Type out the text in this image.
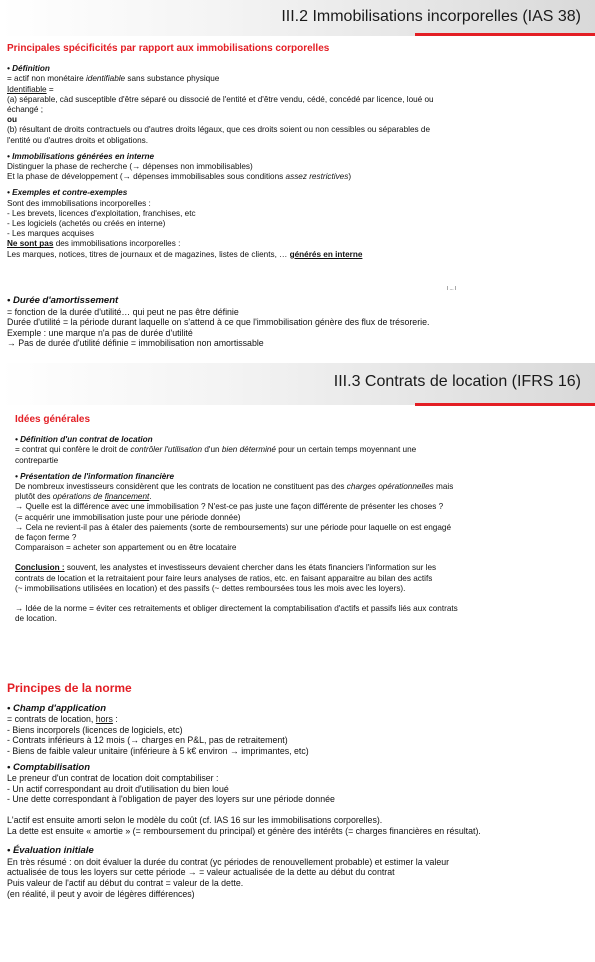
III.2 Immobilisations incorporelles (IAS 38)
Principales spécificités par rapport aux immobilisations corporelles
• Définition
= actif non monétaire identifiable sans substance physique
Identifiable =
(a) séparable, càd susceptible d'être séparé ou dissocié de l'entité et d'être vendu, cédé, concédé par licence, loué ou
échangé ;
ou
(b) résultant de droits contractuels ou d'autres droits légaux, que ces droits soient ou non cessibles ou séparables de
l'entité ou d'autres droits et obligations.
• Immobilisations générées en interne
Distinguer la phase de recherche (→ dépenses non immobilisables)
Et la phase de développement (→ dépenses immobilisables sous conditions assez restrictives)
• Exemples et contre-exemples
Sont des immobilisations incorporelles :
- Les brevets, licences d'exploitation, franchises, etc
- Les logiciels (achetés ou créés en interne)
- Les marques acquises
Ne sont pas des immobilisations incorporelles :
Les marques, notices, titres de journaux et de magazines, listes de clients, … générés en interne
l ... l
• Durée d'amortissement
= fonction de la durée d'utilité… qui peut ne pas être définie
Durée d'utilité = la période durant laquelle on s'attend à ce que l'immobilisation génère des flux de trésorerie.
Exemple : une marque n'a pas de durée d'utilité
→ Pas de durée d'utilité définie = immobilisation non amortissable
III.3 Contrats de location (IFRS 16)
Idées générales
• Définition d'un contrat de location
= contrat qui confère le droit de contrôler l'utilisation d'un bien déterminé pour un certain temps moyennant une
contrepartie
• Présentation de l'information financière
De nombreux investisseurs considèrent que les contrats de location ne constituent pas des charges opérationnelles mais
plutôt des opérations de financement.
→ Quelle est la différence avec une immobilisation ? N'est-ce pas juste une façon différente de présenter les choses ?
(= acquérir une immobilisation juste pour une période donnée)
→ Cela ne revient-il pas à étaler des paiements (sorte de remboursements) sur une période pour laquelle on est engagé
de façon ferme ?
Comparaison = acheter son appartement ou en être locataire
Conclusion : souvent, les analystes et investisseurs devaient chercher dans les états financiers l'information sur les
contrats de location et la retraitaient pour faire leurs analyses de ratios, etc. en faisant apparaitre au bilan des actifs
(~ immobilisations utilisées en location) et des passifs (~ dettes remboursées tous les mois avec les loyers).
→ Idée de la norme = éviter ces retraitements et obliger directement la comptabilisation d'actifs et passifs liés aux contrats
de location.
Principes de la norme
• Champ d'application
= contrats de location, hors :
- Biens incorporels (licences de logiciels, etc)
- Contrats inférieurs à 12 mois (→ charges en P&L, pas de retraitement)
- Biens de faible valeur unitaire (inférieure à 5 k€ environ → imprimantes, etc)
• Comptabilisation
Le preneur d'un contrat de location doit comptabiliser :
- Un actif correspondant au droit d'utilisation du bien loué
- Une dette correspondant à l'obligation de payer des loyers sur une période donnée
L'actif est ensuite amorti selon le modèle du coût (cf. IAS 16 sur les immobilisations corporelles).
La dette est ensuite « amortie » (= remboursement du principal) et génère des intérêts (= charges financières en résultat).
• Évaluation initiale
En très résumé : on doit évaluer la durée du contrat (yc périodes de renouvellement probable) et estimer la valeur
actualisée de tous les loyers sur cette période → = valeur actualisée de la dette au début du contrat
Puis valeur de l'actif au début du contrat = valeur de la dette.
(en réalité, il peut y avoir de légères différences)
